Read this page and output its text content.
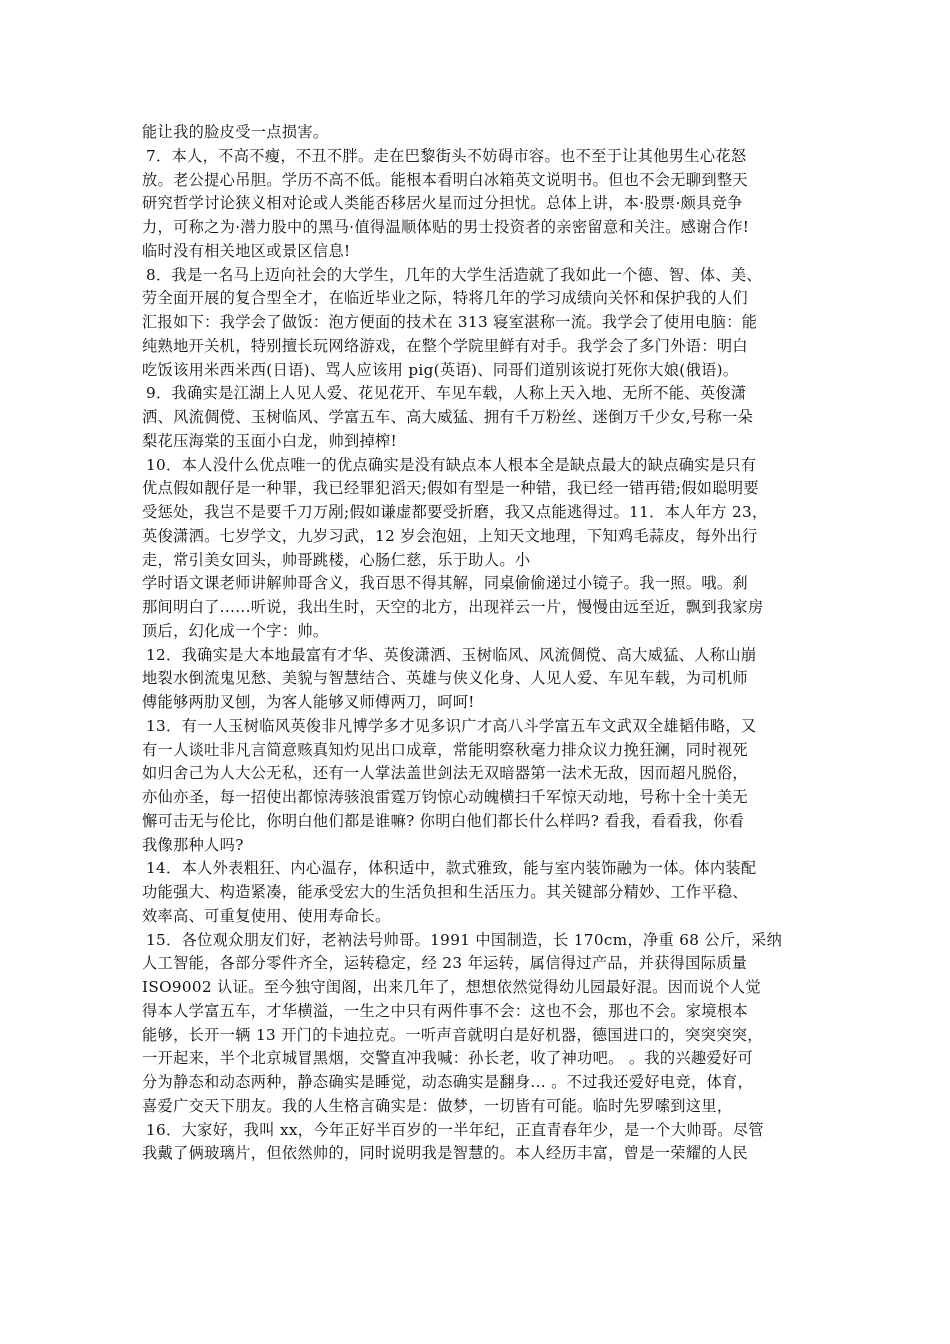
能让我的脸皮受一点损害。
7．本人，不高不瘦，不丑不胖。走在巴黎街头不妨碍市容。也不至于让其他男生心花怒
放。老公提心吊胆。学历不高不低。能根本看明白冰箱英文说明书。但也不会无聊到整天
研究哲学讨论狭义相对论或人类能否移居火星而过分担忧。总体上讲，本·股票·颇具竞争
力，可称之为·潜力股中的黑马·值得温顺体贴的男士投资者的亲密留意和关注。感谢合作!
临时没有相关地区或景区信息!
8．我是一名马上迈向社会的大学生，几年的大学生活造就了我如此一个德、智、体、美、
劳全面开展的复合型全才，在临近毕业之际，特将几年的学习成绩向关怀和保护我的人们
汇报如下：我学会了做饭：泡方便面的技术在 313 寝室湛称一流。我学会了使用电脑：能
纯熟地开关机，特别擅长玩网络游戏，在整个学院里鲜有对手。我学会了多门外语：明白
吃饭该用米西米西(日语)、骂人应该用 pig(英语)、同哥们道别该说打死你大娘(俄语)。
9．我确实是江湖上人见人爱、花见花开、车见车载，人称上天入地、无所不能、英俊潇
洒、风流倜傥、玉树临风、学富五车、高大威猛、拥有千万粉丝、迷倒万千少女,号称一朵
梨花压海棠的玉面小白龙，帅到掉榨!
10．本人没什么优点唯一的优点确实是没有缺点本人根本全是缺点最大的缺点确实是只有
优点假如靓仔是一种罪，我已经罪犯滔天;假如有型是一种错，我已经一错再错;假如聪明要
受惩处，我岂不是要千刀万剐;假如谦虚都要受折磨，我又点能逃得过。11．本人年方 23，
英俊潇洒。七岁学文，九岁习武，12 岁会泡妞，上知天文地理，下知鸡毛蒜皮，每外出行
走，常引美女回头，帅哥跳楼，心肠仁慈，乐于助人。小
学时语文课老师讲解帅哥含义，我百思不得其解，同桌偷偷递过小镜子。我一照。哦。刹
那间明白了......听说，我出生时，天空的北方，出现祥云一片，慢慢由远至近，飘到我家房
顶后，幻化成一个字：帅。
12．我确实是大本地最富有才华、英俊潇洒、玉树临风、风流倜傥、高大威猛、人称山崩
地裂水倒流鬼见愁、美貌与智慧结合、英雄与侠义化身、人见人爱、车见车载，为司机师
傅能够两肋叉刨，为客人能够叉师傅两刀，呵呵!
13．有一人玉树临风英俊非凡博学多才见多识广才高八斗学富五车文武双全雄韬伟略，又
有一人谈吐非凡言简意赅真知灼见出口成章，常能明察秋毫力排众议力挽狂澜，同时视死
如归舍己为人大公无私，还有一人掌法盖世剑法无双暗器第一法术无敌，因而超凡脱俗，
亦仙亦圣，每一招使出都惊涛骇浪雷霆万钧惊心动魄横扫千军惊天动地，号称十全十美无
懈可击无与伦比，你明白他们都是谁嘛? 你明白他们都长什么样吗? 看我，看看我，你看
我像那种人吗?
14．本人外表粗狂、内心温存，体积适中，款式雅致，能与室内装饰融为一体。体内装配
功能强大、构造紧凑，能承受宏大的生活负担和生活压力。其关键部分精妙、工作平稳、
效率高、可重复使用、使用寿命长。
15．各位观众朋友们好，老衲法号帅哥。1991 中国制造，长 170cm，净重 68 公斤，采纳
人工智能，各部分零件齐全，运转稳定，经 23 年运转，属信得过产品，并获得国际质量
ISO9002 认证。至今独守闺阁，出来几年了，想想依然觉得幼儿园最好混。因而说个人觉
得本人学富五车，才华横溢，一生之中只有两件事不会：这也不会，那也不会。家境根本
能够，长开一辆 13 开门的卡迪拉克。一听声音就明白是好机器，德国进口的，突突突突，
一开起来，半个北京城冒黑烟，交警直冲我喊：孙长老，收了神功吧。 。我的兴趣爱好可
分为静态和动态两种，静态确实是睡觉，动态确实是翻身... 。不过我还爱好电竞，体育，
喜爱广交天下朋友。我的人生格言确实是：做梦，一切皆有可能。临时先罗嗦到这里，
16．大家好，我叫 xx，今年正好半百岁的一半年纪，正直青春年少，是一个大帅哥。尽管
我戴了俩玻璃片，但依然帅的，同时说明我是智慧的。本人经历丰富，曾是一荣耀的人民
